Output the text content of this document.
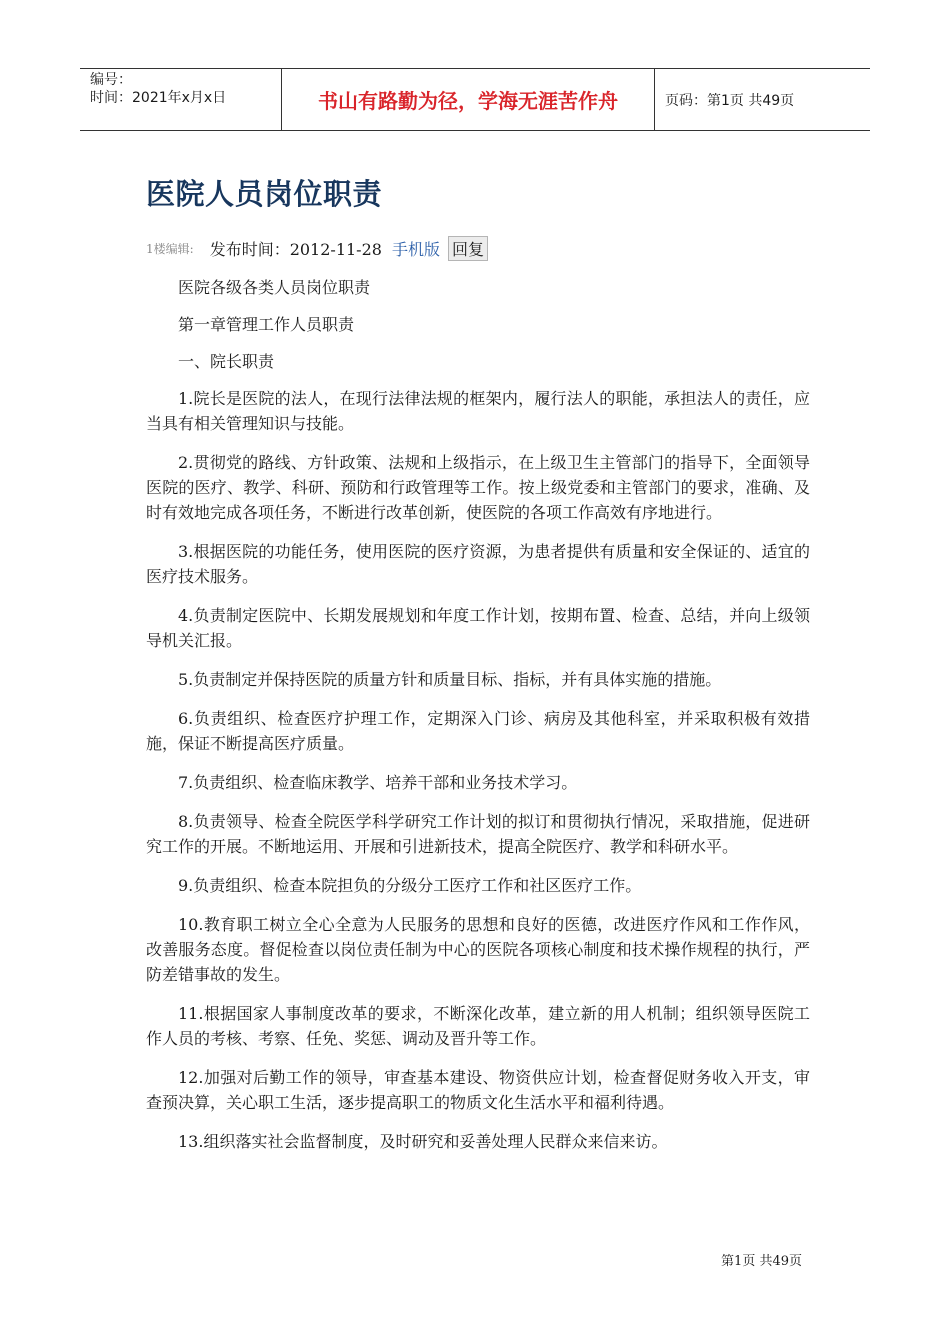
编号：
时间：2021年x月x日	书山有路勤为径，学海无涯苦作舟	页码：第1页 共49页
医院人员岗位职责
1楼编辑: 发布时间：2012-11-28 手机版 回复

医院各级各类人员岗位职责

第一章管理工作人员职责

一、院长职责

1.院长是医院的法人，在现行法律法规的框架内，履行法人的职能，承担法人的责任，应当具有相关管理知识与技能。

2.贯彻党的路线、方针政策、法规和上级指示，在上级卫生主管部门的指导下，全面领导医院的医疗、教学、科研、预防和行政管理等工作。按上级党委和主管部门的要求，准确、及时有效地完成各项任务，不断进行改革创新，使医院的各项工作高效有序地进行。

3.根据医院的功能任务，使用医院的医疗资源，为患者提供有质量和安全保证的、适宜的医疗技术服务。

4.负责制定医院中、长期发展规划和年度工作计划，按期布置、检查、总结，并向上级领导机关汇报。

5.负责制定并保持医院的质量方针和质量目标、指标，并有具体实施的措施。

6.负责组织、检查医疗护理工作，定期深入门诊、病房及其他科室，并采取积极有效措施，保证不断提高医疗质量。

7.负责组织、检查临床教学、培养干部和业务技术学习。

8.负责领导、检查全院医学科学研究工作计划的拟订和贯彻执行情况，采取措施，促进研究工作的开展。不断地运用、开展和引进新技术，提高全院医疗、教学和科研水平。

9.负责组织、检查本院担负的分级分工医疗工作和社区医疗工作。

10.教育职工树立全心全意为人民服务的思想和良好的医德，改进医疗作风和工作作风，改善服务态度。督促检查以岗位责任制为中心的医院各项核心制度和技术操作规程的执行，严防差错事故的发生。

11.根据国家人事制度改革的要求，不断深化改革，建立新的用人机制；组织领导医院工作人员的考核、考察、任免、奖惩、调动及晋升等工作。

12.加强对后勤工作的领导，审查基本建设、物资供应计划，检查督促财务收入开支，审查预决算，关心职工生活，逐步提高职工的物质文化生活水平和福利待遇。

13.组织落实社会监督制度，及时研究和妥善处理人民群众来信来访。

第1页 共49页
